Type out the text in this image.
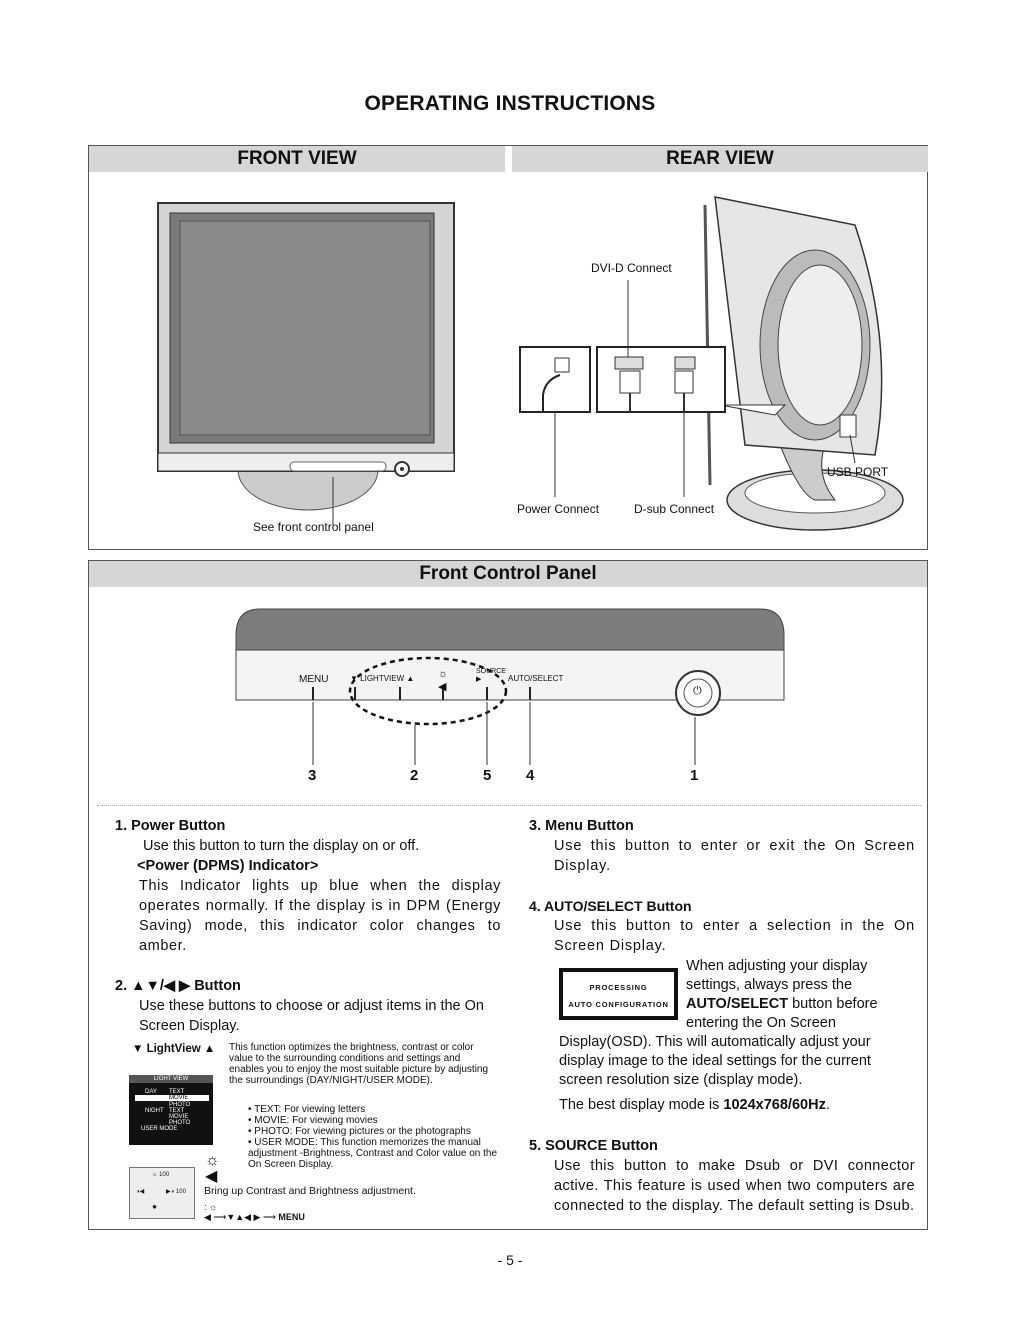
OPERATING INSTRUCTIONS
FRONT VIEW	REAR VIEW
See front control panel
DVI-D Connect
USB PORT
Power Connect	D-sub Connect
Front Control Panel
MENU	▼ LIGHTVIEW ▲ ☼
◀
SOURCE
▶	AUTO/SELECT
⏻
3	2	5 4	1
1. Power Button
Use this button to turn the display on or off.
<Power (DPMS) Indicator>
This Indicator lights up blue when the display operates normally. If the display is in DPM (Energy Saving) mode, this indicator color changes to amber.
2. ▲▼/◀ ▶ Button
Use these buttons to choose or adjust items in the On Screen Display.
▼ LightView ▲ This function optimizes the brightness, contrast or color value to the surrounding conditions and settings and enables you to enjoy the most suitable picture by adjusting the surroundings (DAY/NIGHT/USER MODE).
• TEXT: For viewing letters
• MOVIE: For viewing movies
• PHOTO: For viewing pictures or the photographs
• USER MODE: This function memorizes the manual adjustment -Brightness, Contrast and Color value on the On Screen Display.
LIGHT VIEW
DAY TEXT
MOVIE
PHOTO
NIGHT TEXT
MOVIE
PHOTO
USER MODE
☼ 100
◑◀	▶◑ 100
✹
☼
◀
Bring up Contrast and Brightness adjustment.
: ☼
◀ ⟶▼▲◀ ▶ ⟶ MENU
3. Menu Button
Use this button to enter or exit the On Screen Display.
4. AUTO/SELECT Button
Use this button to enter a selection in the On Screen Display.
PROCESSING
AUTO CONFIGURATION
When adjusting your display settings, always press the AUTO/SELECT button before entering the On Screen
Display(OSD). This will automatically adjust your display image to the ideal settings for the current screen resolution size (display mode).
The best display mode is 1024x768/60Hz.
5. SOURCE Button
Use this button to make Dsub or DVI connector active. This feature is used when two computers are connected to the display. The default setting is Dsub.
- 5 -
